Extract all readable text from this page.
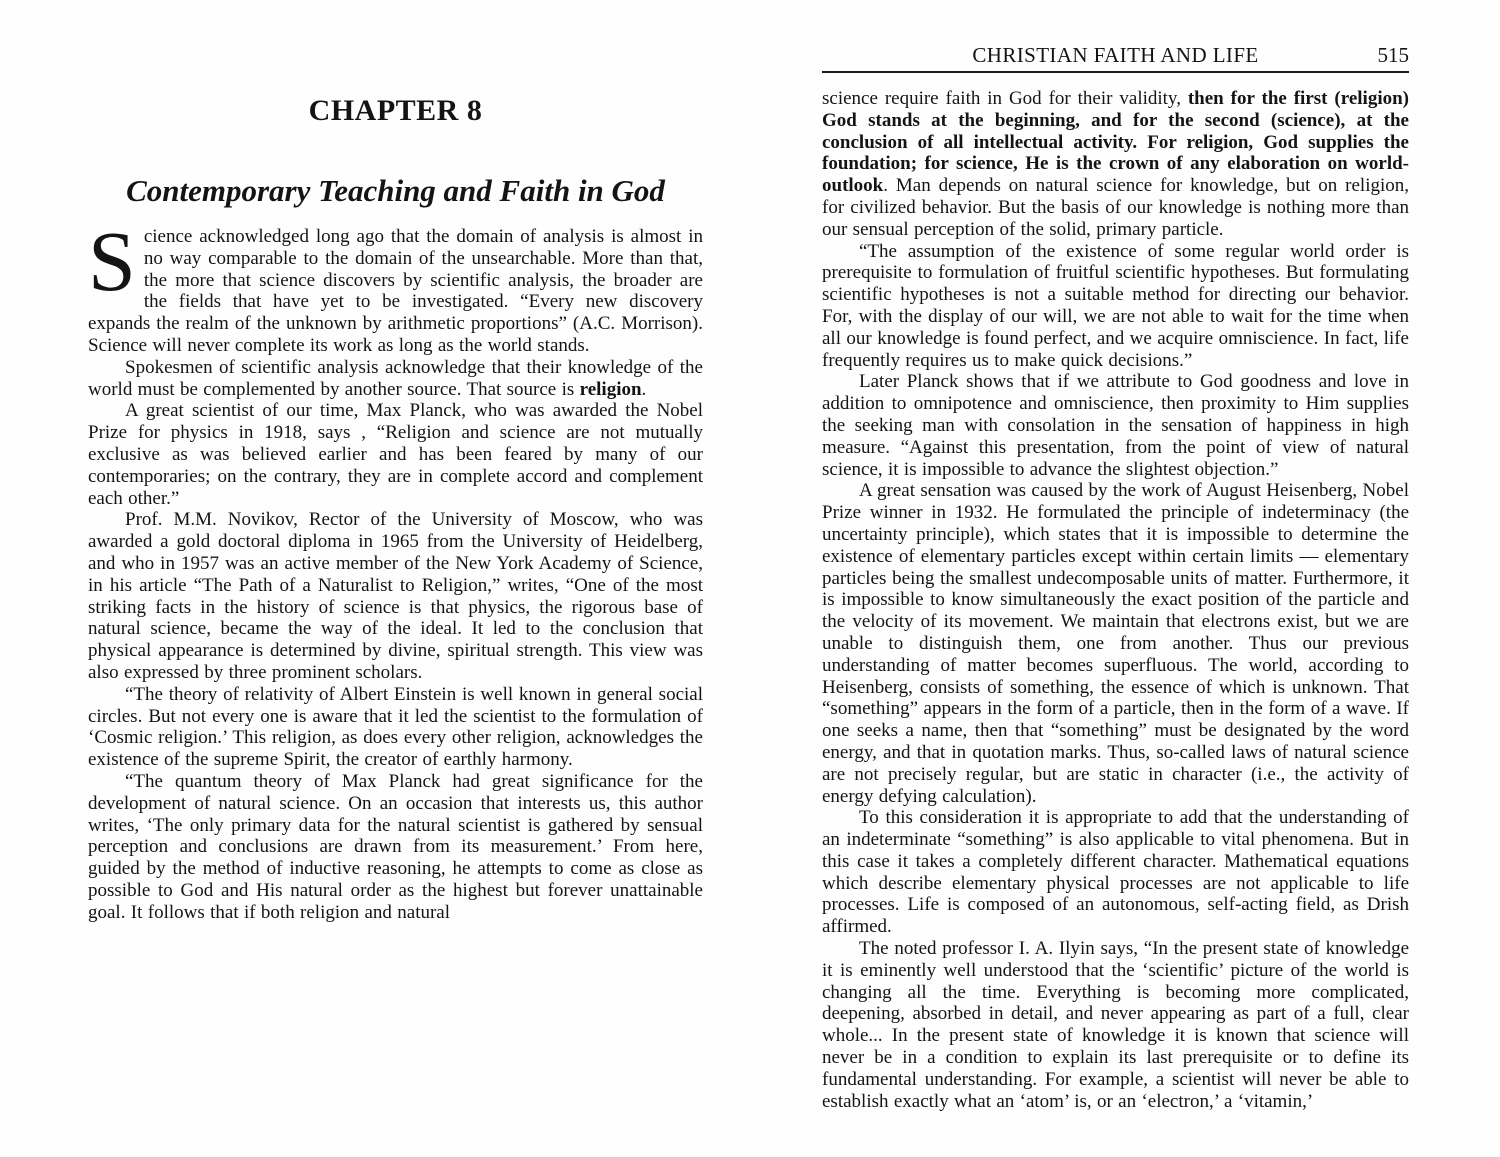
CHAPTER 8
Contemporary Teaching and Faith in God

Science acknowledged long ago that the domain of analysis is almost in no way comparable to the domain of the unsearchable. More than that, the more that science discovers by scientific analysis, the broader are the fields that have yet to be investigated. “Every new discovery expands the realm of the unknown by arithmetic proportions” (A.C. Morrison). Science will never complete its work as long as the world stands.

Spokesmen of scientific analysis acknowledge that their knowledge of the world must be complemented by another source. That source is religion.

A great scientist of our time, Max Planck, who was awarded the Nobel Prize for physics in 1918, says , “Religion and science are not mutually exclusive as was believed earlier and has been feared by many of our contemporaries; on the contrary, they are in complete accord and complement each other.”

Prof. M.M. Novikov, Rector of the University of Moscow, who was awarded a gold doctoral diploma in 1965 from the University of Heidelberg, and who in 1957 was an active member of the New York Academy of Science, in his article “The Path of a Naturalist to Religion,” writes, “One of the most striking facts in the history of science is that physics, the rigorous base of natural science, became the way of the ideal. It led to the conclusion that physical appearance is determined by divine, spiritual strength. This view was also expressed by three prominent scholars.

“The theory of relativity of Albert Einstein is well known in general social circles. But not every one is aware that it led the scientist to the formulation of ‘Cosmic religion.’ This religion, as does every other religion, acknowledges the existence of the supreme Spirit, the creator of earthly harmony.

“The quantum theory of Max Planck had great significance for the development of natural science. On an occasion that interests us, this author writes, ‘The only primary data for the natural scientist is gathered by sensual perception and conclusions are drawn from its measurement.’ From here, guided by the method of inductive reasoning, he attempts to come as close as possible to God and His natural order as the highest but forever unattainable goal. It follows that if both religion and natural

CHRISTIAN FAITH AND LIFE	515

science require faith in God for their validity, then for the first (religion) God stands at the beginning, and for the second (science), at the conclusion of all intellectual activity. For religion, God supplies the foundation; for science, He is the crown of any elaboration on world-outlook. Man depends on natural science for knowledge, but on religion, for civilized behavior. But the basis of our knowledge is nothing more than our sensual perception of the solid, primary particle.

“The assumption of the existence of some regular world order is prerequisite to formulation of fruitful scientific hypotheses. But formulating scientific hypotheses is not a suitable method for directing our behavior. For, with the display of our will, we are not able to wait for the time when all our knowledge is found perfect, and we acquire omniscience. In fact, life frequently requires us to make quick decisions.”

Later Planck shows that if we attribute to God goodness and love in addition to omnipotence and omniscience, then proximity to Him supplies the seeking man with consolation in the sensation of happiness in high measure. “Against this presentation, from the point of view of natural science, it is impossible to advance the slightest objection.”

A great sensation was caused by the work of August Heisenberg, Nobel Prize winner in 1932. He formulated the principle of indeterminacy (the uncertainty principle), which states that it is impossible to determine the existence of elementary particles except within certain limits — elementary particles being the smallest undecomposable units of matter. Furthermore, it is impossible to know simultaneously the exact position of the particle and the velocity of its movement. We maintain that electrons exist, but we are unable to distinguish them, one from another. Thus our previous understanding of matter becomes superfluous. The world, according to Heisenberg, consists of something, the essence of which is unknown. That “something” appears in the form of a particle, then in the form of a wave. If one seeks a name, then that “something” must be designated by the word energy, and that in quotation marks. Thus, so-called laws of natural science are not precisely regular, but are static in character (i.e., the activity of energy defying calculation).

To this consideration it is appropriate to add that the understanding of an indeterminate “something” is also applicable to vital phenomena. But in this case it takes a completely different character. Mathematical equations which describe elementary physical processes are not applicable to life processes. Life is composed of an autonomous, self-acting field, as Drish affirmed.

The noted professor I. A. Ilyin says, “In the present state of knowledge it is eminently well understood that the ‘scientific’ picture of the world is changing all the time. Everything is becoming more complicated, deepening, absorbed in detail, and never appearing as part of a full, clear whole... In the present state of knowledge it is known that science will never be in a condition to explain its last prerequisite or to define its fundamental understanding. For example, a scientist will never be able to establish exactly what an ‘atom’ is, or an ‘electron,’ a ‘vitamin,’
